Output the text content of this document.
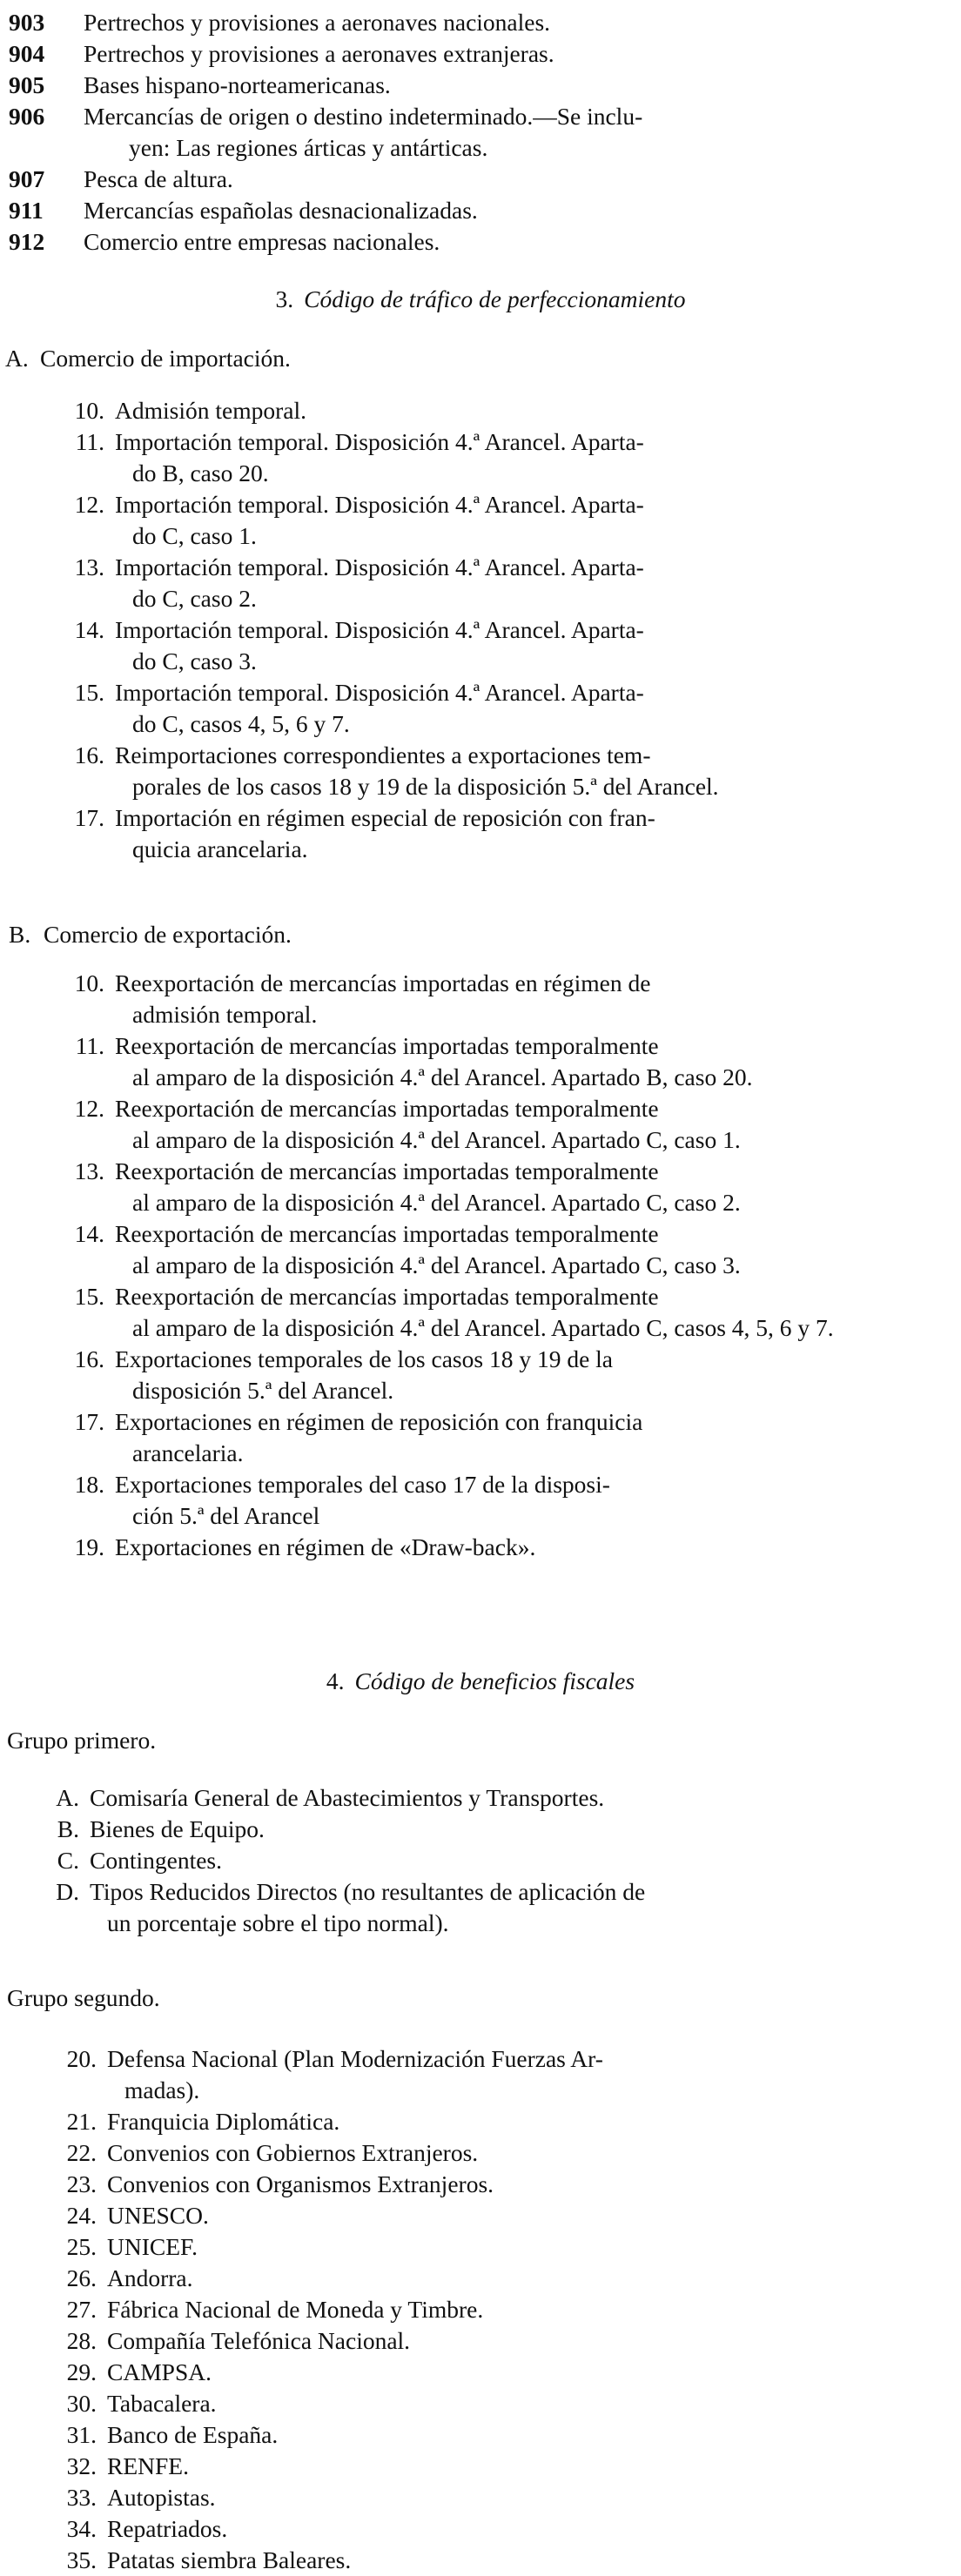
903	Pertrechos y provisiones a aeronaves nacionales.
904	Pertrechos y provisiones a aeronaves extranjeras.
905	Bases hispano-norteamericanas.
906	Mercancías de origen o destino indeterminado.—Se inclu-
yen: Las regiones árticas y antárticas.
907	Pesca de altura.
911	Mercancías españolas desnacionalizadas.
912	Comercio entre empresas nacionales.
3. Código de tráfico de perfeccionamiento
A. Comercio de importación.
10. Admisión temporal.
11. Importación temporal. Disposición 4.ª Arancel. Aparta-
do B, caso 20.
12. Importación temporal. Disposición 4.ª Arancel. Aparta-
do C, caso 1.
13. Importación temporal. Disposición 4.ª Arancel. Aparta-
do C, caso 2.
14. Importación temporal. Disposición 4.ª Arancel. Aparta-
do C, caso 3.
15. Importación temporal. Disposición 4.ª Arancel. Aparta-
do C, casos 4, 5, 6 y 7.
16. Reimportaciones correspondientes a exportaciones tem-
porales de los casos 18 y 19 de la disposición 5.ª del Arancel.
17. Importación en régimen especial de reposición con fran-
quicia arancelaria.
B. Comercio de exportación.
10. Reexportación de mercancías importadas en régimen de
admisión temporal.
11. Reexportación de mercancías importadas temporalmente
al amparo de la disposición 4.ª del Arancel. Apartado B, caso 20.
12. Reexportación de mercancías importadas temporalmente
al amparo de la disposición 4.ª del Arancel. Apartado C, caso 1.
13. Reexportación de mercancías importadas temporalmente
al amparo de la disposición 4.ª del Arancel. Apartado C, caso 2.
14. Reexportación de mercancías importadas temporalmente
al amparo de la disposición 4.ª del Arancel. Apartado C, caso 3.
15. Reexportación de mercancías importadas temporalmente
al amparo de la disposición 4.ª del Arancel. Apartado C, casos 4, 5, 6 y 7.
16. Exportaciones temporales de los casos 18 y 19 de la
disposición 5.ª del Arancel.
17. Exportaciones en régimen de reposición con franquicia
arancelaria.
18. Exportaciones temporales del caso 17 de la disposi-
ción 5.ª del Arancel
19. Exportaciones en régimen de «Draw-back».
4. Código de beneficios fiscales
Grupo primero.
A. Comisaría General de Abastecimientos y Transportes.
B. Bienes de Equipo.
C. Contingentes.
D. Tipos Reducidos Directos (no resultantes de aplicación de
un porcentaje sobre el tipo normal).
Grupo segundo.
20. Defensa Nacional (Plan Modernización Fuerzas Ar-
madas).
21. Franquicia Diplomática.
22. Convenios con Gobiernos Extranjeros.
23. Convenios con Organismos Extranjeros.
24. UNESCO.
25. UNICEF.
26. Andorra.
27. Fábrica Nacional de Moneda y Timbre.
28. Compañía Telefónica Nacional.
29. CAMPSA.
30. Tabacalera.
31. Banco de España.
32. RENFE.
33. Autopistas.
34. Repatriados.
35. Patatas siembra Baleares.
